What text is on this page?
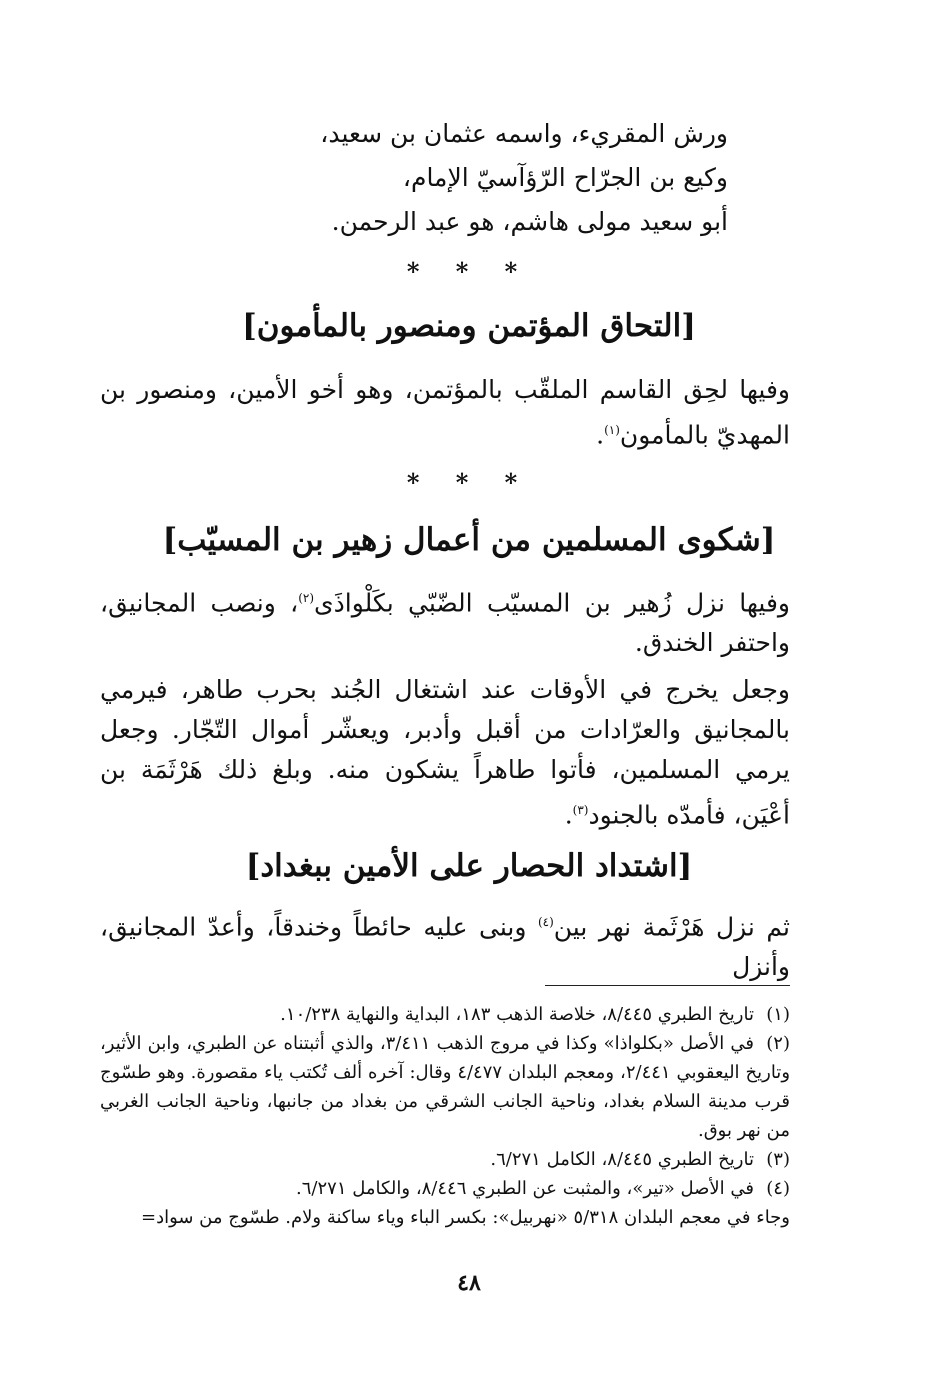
ورش المقريء، واسمه عثمان بن سعيد،
وكيع بن الجرّاح الرّؤآسيّ الإمام،
أبو سعيد مولى هاشم، هو عبد الرحمن.
* * *
[التحاق المؤتمن ومنصور بالمأمون]
وفيها لحِق القاسم الملقّب بالمؤتمن، وهو أخو الأمين، ومنصور بن المهديّ بالمأمون$^{(١)}$.
* * *
[شكوى المسلمين من أعمال زهير بن المسيّب]
وفيها نزل زُهير بن المسيّب الضّبّي بكَلْواذَى$^{(٢)}$، ونصب المجانيق، واحتفر الخندق.
وجعل يخرج في الأوقات عند اشتغال الجُند بحرب طاهر، فيرمي بالمجانيق والعرّادات من أقبل وأدبر، ويعشّر أموال التّجّار. وجعل يرمي المسلمين، فأتوا طاهراً يشكون منه. وبلغ ذلك هَرْثَمَة بن أعْيَن، فأمدّه بالجنود$^{(٣)}$.
[اشتداد الحصار على الأمين ببغداد]
ثم نزل هَرْثَمة نهر بين$^{(٤)}$ وبنى عليه حائطاً وخندقاً، وأعدّ المجانيق، وأنزل
(١)تاريخ الطبري ٨/٤٤٥، خلاصة الذهب ١٨٣، البداية والنهاية ١٠/٢٣٨.
(٢)في الأصل «بكلواذا» وكذا في مروج الذهب ٣/٤١١، والذي أثبتناه عن الطبري، وابن الأثير، وتاريخ اليعقوبي ٢/٤٤١، ومعجم البلدان ٤/٤٧٧ وقال: آخره ألف تُكتب ياء مقصورة. وهو طسّوج قرب مدينة السلام بغداد، وناحية الجانب الشرقي من بغداد من جانبها، وناحية الجانب الغربي من نهر بوق.
(٣)تاريخ الطبري ٨/٤٤٥، الكامل ٦/٢٧١.
(٤)في الأصل «تير»، والمثبت عن الطبري ٨/٤٤٦، والكامل ٦/٢٧١.
وجاء في معجم البلدان ٥/٣١٨ «نهربيل»: بكسر الباء وياء ساكنة ولام. طسّوج من سواد=
٤٨
